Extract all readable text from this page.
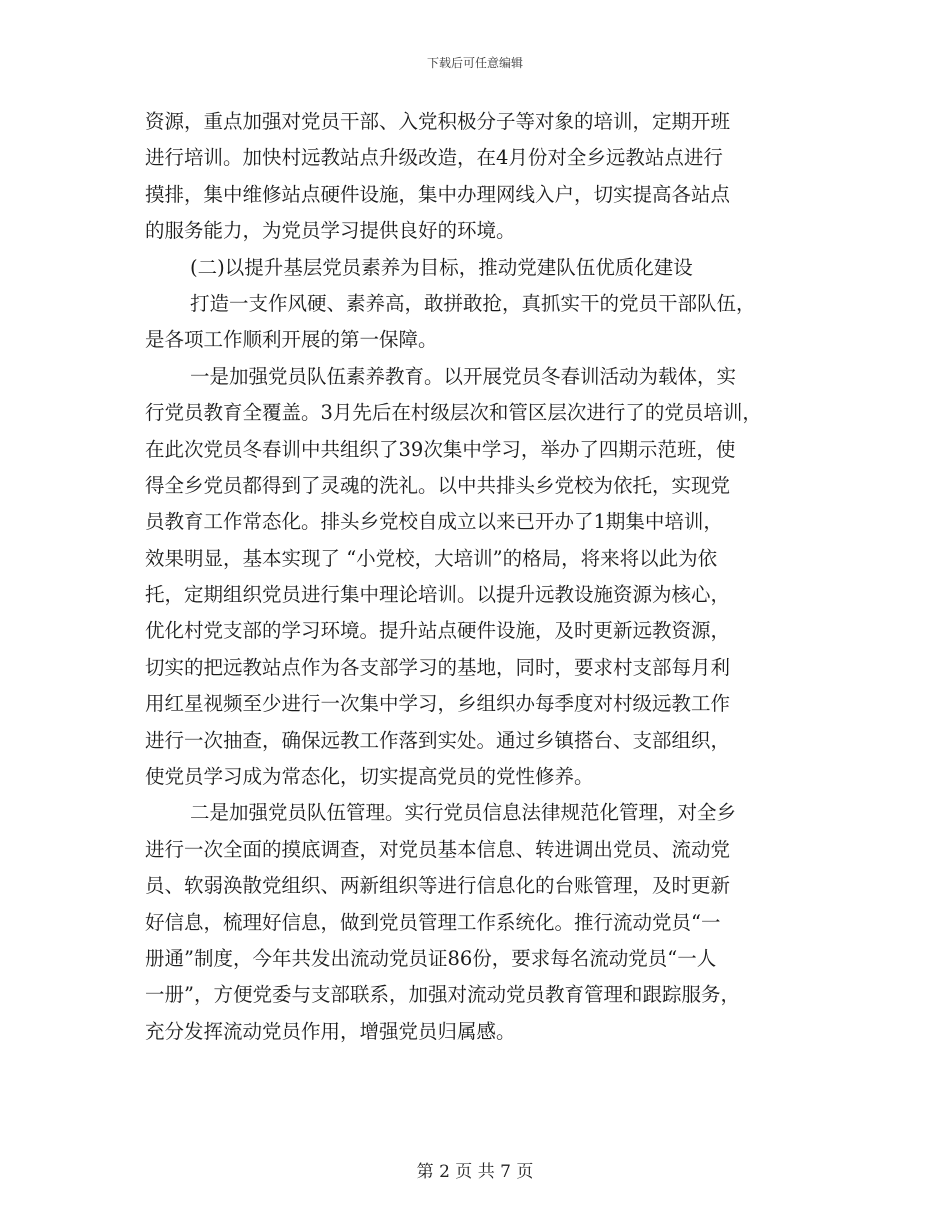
下载后可任意编辑
资源，重点加强对党员干部、入党积极分子等对象的培训，定期开班
进行培训。加快村远教站点升级改造，在4月份对全乡远教站点进行
摸排，集中维修站点硬件设施，集中办理网线入户，切实提高各站点
的服务能力，为党员学习提供良好的环境。
(二)以提升基层党员素养为目标，推动党建队伍优质化建设
打造一支作风硬、素养高，敢拼敢抢，真抓实干的党员干部队伍，
是各项工作顺利开展的第一保障。
一是加强党员队伍素养教育。以开展党员冬春训活动为载体，实
行党员教育全覆盖。3月先后在村级层次和管区层次进行了的党员培训，
在此次党员冬春训中共组织了39次集中学习，举办了四期示范班，使
得全乡党员都得到了灵魂的洗礼。以中共排头乡党校为依托，实现党
员教育工作常态化。排头乡党校自成立以来已开办了1期集中培训，
效果明显，基本实现了 “小党校，大培训”的格局，将来将以此为依
托，定期组织党员进行集中理论培训。以提升远教设施资源为核心，
优化村党支部的学习环境。提升站点硬件设施，及时更新远教资源，
切实的把远教站点作为各支部学习的基地，同时，要求村支部每月利
用红星视频至少进行一次集中学习，乡组织办每季度对村级远教工作
进行一次抽查，确保远教工作落到实处。通过乡镇搭台、支部组织，
使党员学习成为常态化，切实提高党员的党性修养。
二是加强党员队伍管理。实行党员信息法律规范化管理，对全乡
进行一次全面的摸底调查，对党员基本信息、转进调出党员、流动党
员、软弱涣散党组织、两新组织等进行信息化的台账管理，及时更新
好信息，梳理好信息，做到党员管理工作系统化。推行流动党员“一
册通”制度，今年共发出流动党员证86份，要求每名流动党员“一人
一册”，方便党委与支部联系，加强对流动党员教育管理和跟踪服务，
充分发挥流动党员作用，增强党员归属感。
第 2 页 共 7 页
